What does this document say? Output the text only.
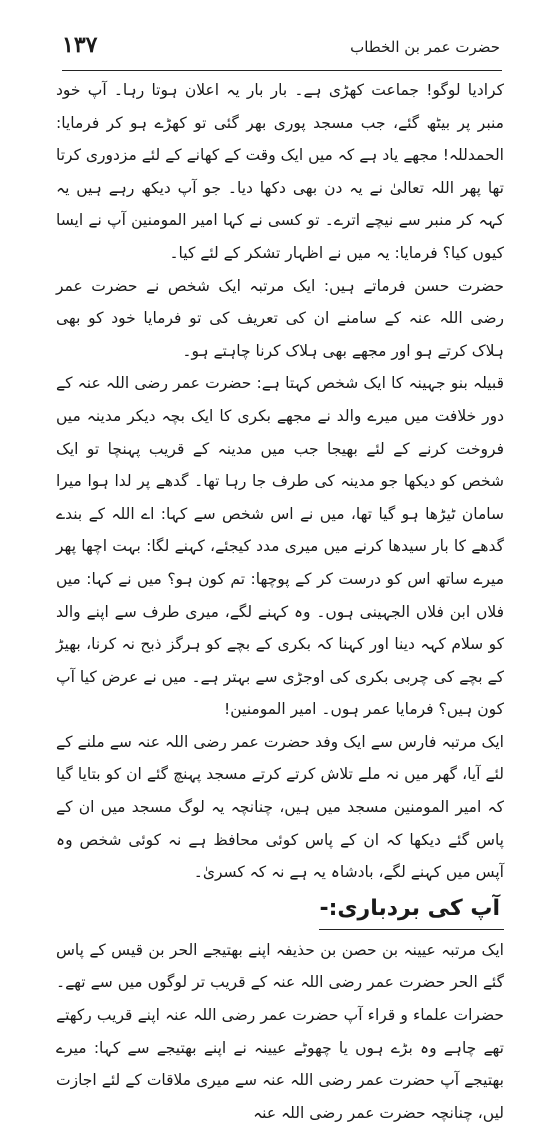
۱۳۷	حضرت عمر بن الخطاب

کرادیا لوگو! جماعت کھڑی ہے۔ بار بار یہ اعلان ہوتا رہا۔ آپ خود منبر پر بیٹھ گئے، جب مسجد پوری بھر گئی تو کھڑے ہو کر فرمایا: الحمدللہ! مجھے یاد ہے کہ میں ایک وقت کے کھانے کے لئے مزدوری کرتا تھا پھر اللہ تعالیٰ نے یہ دن بھی دکھا دیا۔ جو آپ دیکھ رہے ہیں یہ کہہ کر منبر سے نیچے اترے۔ تو کسی نے کہا امیر المومنین آپ نے ایسا کیوں کیا؟ فرمایا: یہ میں نے اظہار تشکر کے لئے کیا۔

حضرت حسن فرماتے ہیں: ایک مرتبہ ایک شخص نے حضرت عمر رضی اللہ عنہ کے سامنے ان کی تعریف کی تو فرمایا خود کو بھی ہلاک کرتے ہو اور مجھے بھی ہلاک کرنا چاہتے ہو۔

قبیلہ بنو جہینہ کا ایک شخص کہتا ہے: حضرت عمر رضی اللہ عنہ کے دور خلافت میں میرے والد نے مجھے بکری کا ایک بچہ دیکر مدینہ میں فروخت کرنے کے لئے بھیجا جب میں مدینہ کے قریب پہنچا تو ایک شخص کو دیکھا جو مدینہ کی طرف جا رہا تھا۔ گدھے پر لدا ہوا میرا سامان ٹیڑھا ہو گیا تھا، میں نے اس شخص سے کہا: اے اللہ کے بندے گدھے کا بار سیدھا کرنے میں میری مدد کیجئے، کہنے لگا: بہت اچھا پھر میرے ساتھ اس کو درست کر کے پوچھا: تم کون ہو؟ میں نے کہا: میں فلاں ابن فلاں الجہینی ہوں۔ وہ کہنے لگے، میری طرف سے اپنے والد کو سلام کہہ دینا اور کہنا کہ بکری کے بچے کو ہرگز ذبح نہ کرنا، بھیڑ کے بچے کی چربی بکری کی اوجڑی سے بہتر ہے۔ میں نے عرض کیا آپ کون ہیں؟ فرمایا عمر ہوں۔ امیر المومنین!

ایک مرتبہ فارس سے ایک وفد حضرت عمر رضی اللہ عنہ سے ملنے کے لئے آیا، گھر میں نہ ملے تلاش کرتے کرتے مسجد پہنچ گئے ان کو بتایا گیا کہ امیر المومنین مسجد میں ہیں، چنانچہ یہ لوگ مسجد میں ان کے پاس گئے دیکھا کہ ان کے پاس کوئی محافظ ہے نہ کوئی شخص وہ آپس میں کہنے لگے، بادشاہ یہ ہے نہ کہ کسریٰ۔

آپ کی بردباری:-

ایک مرتبہ عیینہ بن حصن بن حذیفہ اپنے بھتیجے الحر بن قیس کے پاس گئے الحر حضرت عمر رضی اللہ عنہ کے قریب تر لوگوں میں سے تھے۔ حضرات علماء و قراء آپ حضرت عمر رضی اللہ عنہ اپنے قریب رکھتے تھے چاہے وہ بڑے ہوں یا چھوٹے عیینہ نے اپنے بھتیجے سے کہا: میرے بھتیجے آپ حضرت عمر رضی اللہ عنہ سے میری ملاقات کے لئے اجازت لیں، چنانچہ حضرت عمر رضی اللہ عنہ
